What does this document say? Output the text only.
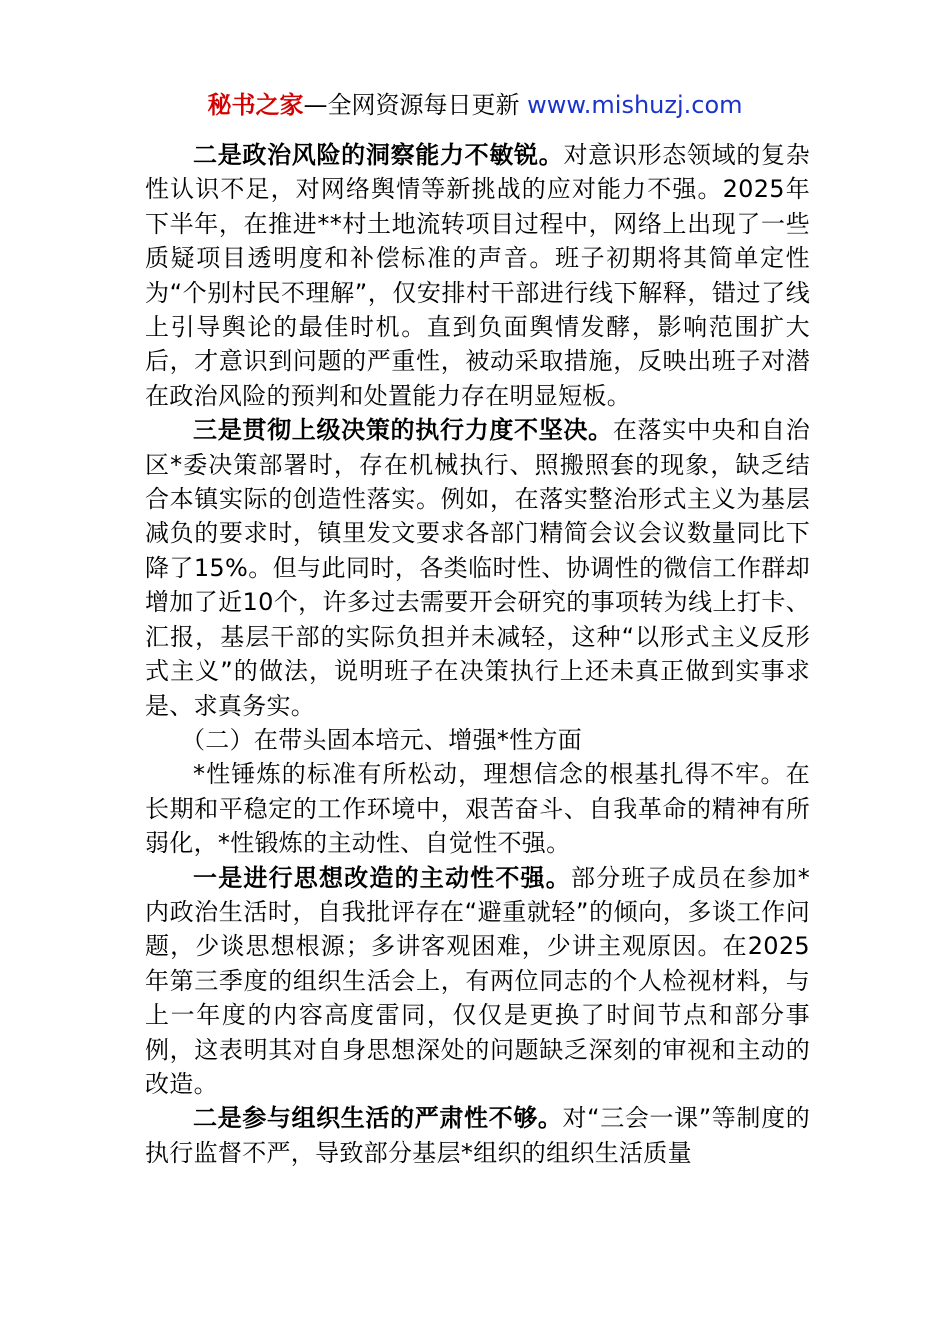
秘书之家—全网资源每日更新 www.mishuzj.com

二是政治风险的洞察能力不敏锐。对意识形态领域的复杂性认识不足，对网络舆情等新挑战的应对能力不强。2025年下半年，在推进**村土地流转项目过程中，网络上出现了一些质疑项目透明度和补偿标准的声音。班子初期将其简单定性为“个别村民不理解”，仅安排村干部进行线下解释，错过了线上引导舆论的最佳时机。直到负面舆情发酵，影响范围扩大后，才意识到问题的严重性，被动采取措施，反映出班子对潜在政治风险的预判和处置能力存在明显短板。

三是贯彻上级决策的执行力度不坚决。在落实中央和自治区*委决策部署时，存在机械执行、照搬照套的现象，缺乏结合本镇实际的创造性落实。例如，在落实整治形式主义为基层减负的要求时，镇里发文要求各部门精简会议会议数量同比下降了15%。但与此同时，各类临时性、协调性的微信工作群却增加了近10个，许多过去需要开会研究的事项转为线上打卡、汇报，基层干部的实际负担并未减轻，这种“以形式主义反形式主义”的做法，说明班子在决策执行上还未真正做到实事求是、求真务实。

（二）在带头固本培元、增强*性方面

*性锤炼的标准有所松动，理想信念的根基扎得不牢。在长期和平稳定的工作环境中，艰苦奋斗、自我革命的精神有所弱化，*性锻炼的主动性、自觉性不强。

一是进行思想改造的主动性不强。部分班子成员在参加*内政治生活时，自我批评存在“避重就轻”的倾向，多谈工作问题，少谈思想根源；多讲客观困难，少讲主观原因。在2025年第三季度的组织生活会上，有两位同志的个人检视材料，与上一年度的内容高度雷同，仅仅是更换了时间节点和部分事例，这表明其对自身思想深处的问题缺乏深刻的审视和主动的改造。

二是参与组织生活的严肃性不够。对“三会一课”等制度的执行监督不严，导致部分基层*组织的组织生活质量
